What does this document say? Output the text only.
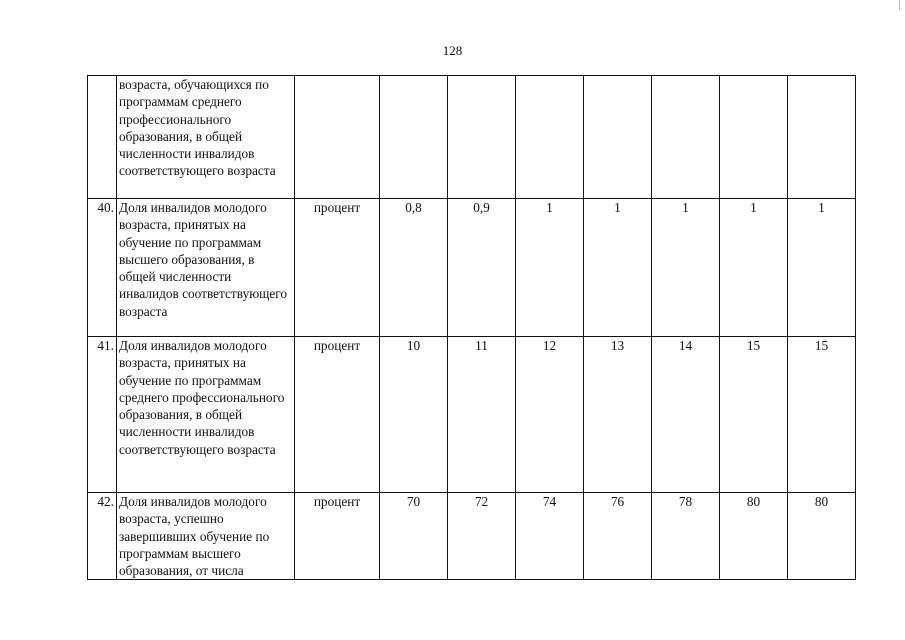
128
	возраста, обучающихся по программам среднего профессионального образования, в общей численности инвалидов соответствующего возраста								
40.	Доля инвалидов молодого возраста, принятых на обучение по программам высшего образования, в общей численности инвалидов соответствующего возраста	процент	0,8	0,9	1	1	1	1	1
41.	Доля инвалидов молодого возраста, принятых на обучение по программам среднего профессионального образования, в общей численности инвалидов соответствующего возраста	процент	10	11	12	13	14	15	15
42.	Доля инвалидов молодого возраста, успешно завершивших обучение по программам высшего образования, от числа	процент	70	72	74	76	78	80	80
